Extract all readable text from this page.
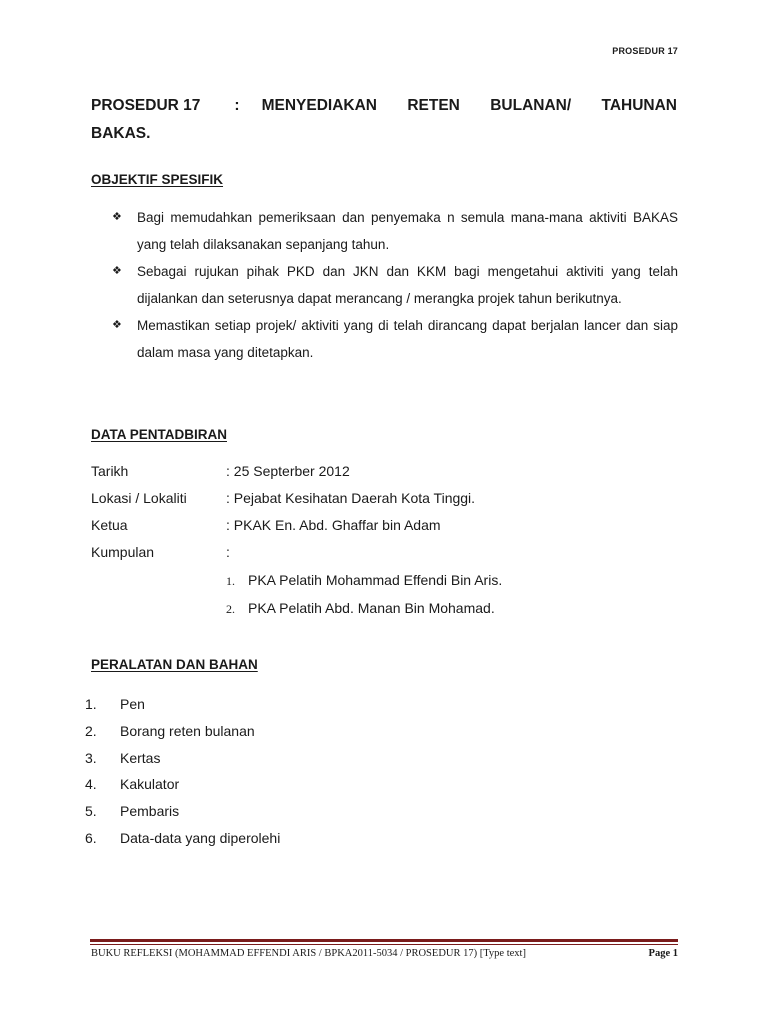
PROSEDUR 17
PROSEDUR 17 : MENYEDIAKAN RETEN BULANAN/ TAHUNAN
BAKAS.
OBJEKTIF SPESIFIK
❖ Bagi memudahkan pemeriksaan dan penyemaka n semula mana-mana aktiviti BAKAS yang telah dilaksanakan sepanjang tahun.
❖ Sebagai rujukan pihak PKD dan JKN dan KKM bagi mengetahui aktiviti yang telah dijalankan dan seterusnya dapat merancang / merangka projek tahun berikutnya.
❖ Memastikan setiap projek/ aktiviti yang di telah dirancang dapat berjalan lancer dan siap dalam masa yang ditetapkan.
DATA PENTADBIRAN
Tarikh	: 25 Septerber 2012
Lokasi / Lokaliti	: Pejabat Kesihatan Daerah Kota Tinggi.
Ketua	: PKAK En. Abd. Ghaffar bin Adam
Kumpulan	:
1. PKA Pelatih Mohammad Effendi Bin Aris.
2. PKA Pelatih Abd. Manan Bin Mohamad.
PERALATAN DAN BAHAN
1. Pen
2. Borang reten bulanan
3. Kertas
4. Kakulator
5. Pembaris
6. Data-data yang diperolehi
BUKU REFLEKSI (MOHAMMAD EFFENDI ARIS / BPKA2011-5034 / PROSEDUR 17) [Type text]	Page 1
